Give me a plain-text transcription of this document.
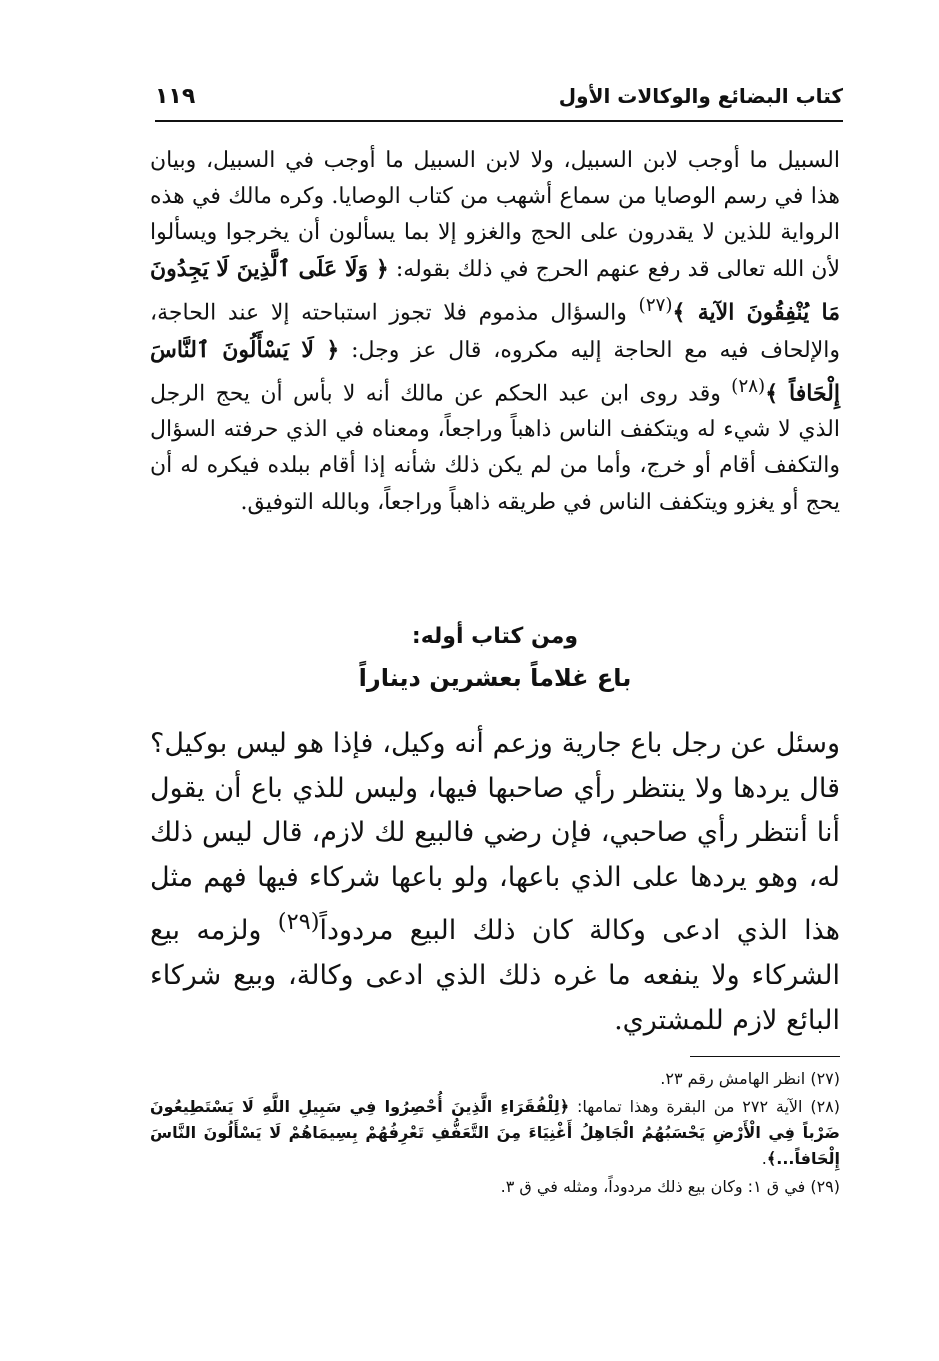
كتاب البضائع والوكالات الأول
١١٩
السبيل ما أوجب لابن السبيل، ولا لابن السبيل ما أوجب في السبيل، وبيان هذا في رسم الوصايا من سماع أشهب من كتاب الوصايا. وكره مالك في هذه الرواية للذين لا يقدرون على الحج والغزو إلا بما يسألون أن يخرجوا ويسألوا لأن الله تعالى قد رفع عنهم الحرج في ذلك بقوله: ﴿ وَلَا عَلَى ٱلَّذِينَ لَا يَجِدُونَ مَا يُنْفِقُونَ الآية ﴾$^{(٢٧)}$ والسؤال مذموم فلا تجوز استباحته إلا عند الحاجة، والإلحاف فيه مع الحاجة إليه مكروه، قال عز وجل: ﴿ لَا يَسْأَلُونَ ٱلنَّاسَ إِلْحَافاً ﴾$^{(٢٨)}$ وقد روى ابن عبد الحكم عن مالك أنه لا بأس أن يحج الرجل الذي لا شيء له ويتكفف الناس ذاهباً وراجعاً، ومعناه في الذي حرفته السؤال والتكفف أقام أو خرج، وأما من لم يكن ذلك شأنه إذا أقام ببلده فيكره له أن يحج أو يغزو ويتكفف الناس في طريقه ذاهباً وراجعاً، وبالله التوفيق.
ومن كتاب أوله:
باع غلاماً بعشرين ديناراً
وسئل عن رجل باع جارية وزعم أنه وكيل، فإذا هو ليس بوكيل؟ قال يردها ولا ينتظر رأي صاحبها فيها، وليس للذي باع أن يقول أنا أنتظر رأي صاحبي، فإن رضي فالبيع لك لازم، قال ليس ذلك له، وهو يردها على الذي باعها، ولو باعها شركاء فيها فهم مثل هذا الذي ادعى وكالة كان ذلك البيع مردوداً$^{(٢٩)}$ ولزمه بيع الشركاء ولا ينفعه ما غره ذلك الذي ادعى وكالة، وبيع شركاء البائع لازم للمشتري.

(٢٧) انظر الهامش رقم ٢٣.

(٢٨) الآية ٢٧٢ من البقرة وهذا تمامها: ﴿لِلْفُقَرَاءِ الَّذِينَ أُحْصِرُوا فِي سَبِيلِ اللَّهِ لَا يَسْتَطِيعُونَ ضَرْباً فِي الْأَرْضِ يَحْسَبُهُمُ الْجَاهِلُ أَغْنِيَاءَ مِنَ التَّعَفُّفِ تَعْرِفُهُمْ بِسِيمَاهُمْ لَا يَسْأَلُونَ النَّاسَ إِلْحَافاً...﴾.

(٢٩) في ق ١: وكان بيع ذلك مردوداً، ومثله في ق ٣.
